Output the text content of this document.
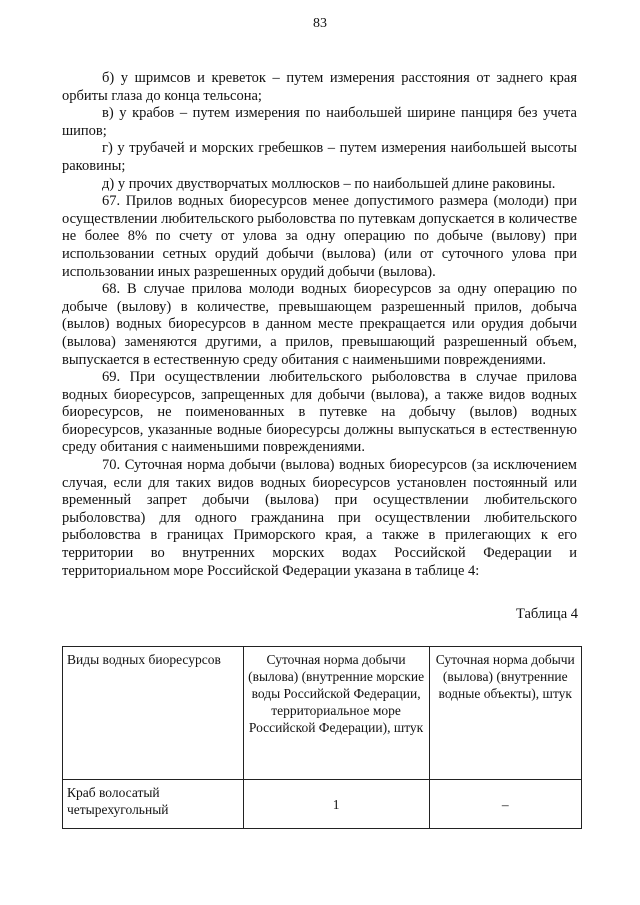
83

б) у шримсов и креветок – путем измерения расстояния от заднего края орбиты глаза до конца тельсона;

в) у крабов – путем измерения по наибольшей ширине панциря без учета шипов;

г) у трубачей и морских гребешков – путем измерения наибольшей высоты раковины;

д) у прочих двустворчатых моллюсков – по наибольшей длине раковины.

67. Прилов водных биоресурсов менее допустимого размера (молоди) при осуществлении любительского рыболовства по путевкам допускается в количестве не более 8% по счету от улова за одну операцию по добыче (вылову) при использовании сетных орудий добычи (вылова) (или от суточного улова при использовании иных разрешенных орудий добычи (вылова).

68. В случае прилова молоди водных биоресурсов за одну операцию по добыче (вылову) в количестве, превышающем разрешенный прилов, добыча (вылов) водных биоресурсов в данном месте прекращается или орудия добычи (вылова) заменяются другими, а прилов, превышающий разрешенный объем, выпускается в естественную среду обитания с наименьшими повреждениями.

69. При осуществлении любительского рыболовства в случае прилова водных биоресурсов, запрещенных для добычи (вылова), а также видов водных биоресурсов, не поименованных в путевке на добычу (вылов) водных биоресурсов, указанные водные биоресурсы должны выпускаться в естественную среду обитания с наименьшими повреждениями.

70. Суточная норма добычи (вылова) водных биоресурсов (за исключением случая, если для таких видов водных биоресурсов установлен постоянный или временный запрет добычи (вылова) при осуществлении любительского рыболовства) для одного гражданина при осуществлении любительского рыболовства в границах Приморского края, а также в прилегающих к его территории во внутренних морских водах Российской Федерации и территориальном море Российской Федерации указана в таблице 4:

Таблица 4
Виды водных биоресурсов	Суточная норма добычи (вылова) (внутренние морские воды Российской Федерации, территориальное море Российской Федерации), штук	Суточная норма добычи (вылова) (внутренние водные объекты), штук
Краб волосатый четырехугольный	1	–
